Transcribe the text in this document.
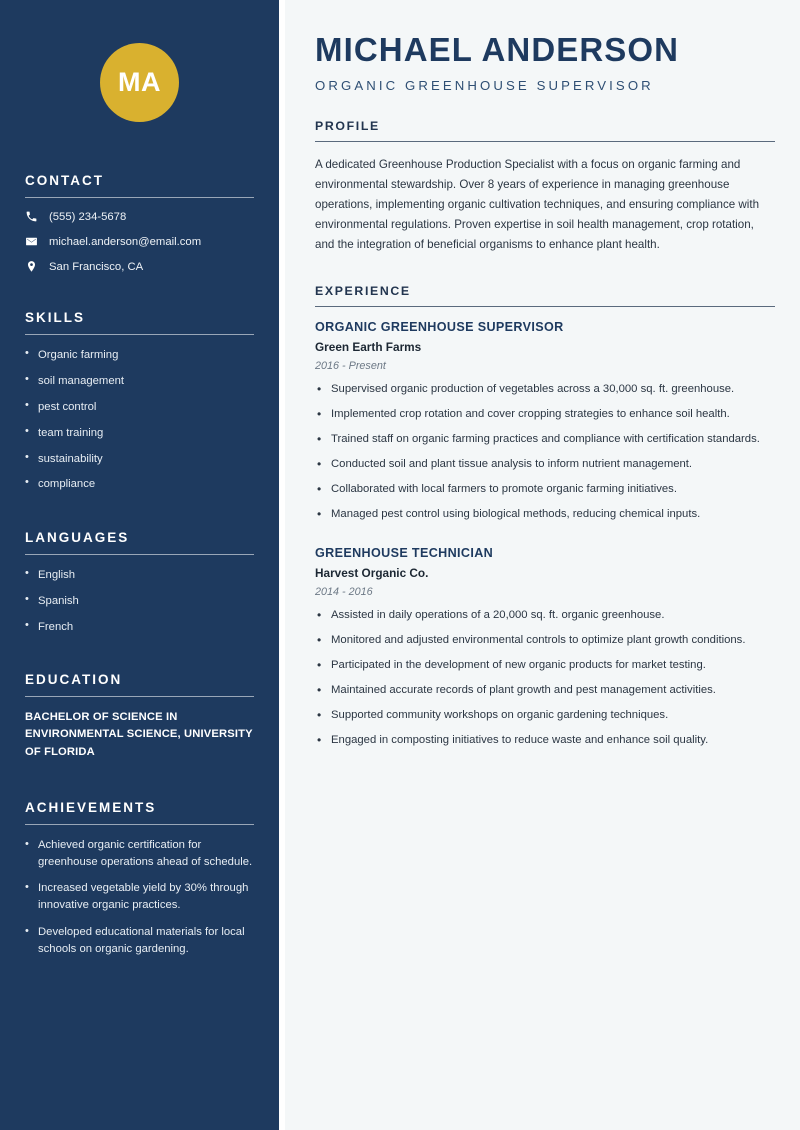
MA
CONTACT
(555) 234-5678
michael.anderson@email.com
San Francisco, CA
SKILLS
• Organic farming
• soil management
• pest control
• team training
• sustainability
• compliance
LANGUAGES
• English
• Spanish
• French
EDUCATION
BACHELOR OF SCIENCE IN ENVIRONMENTAL SCIENCE, UNIVERSITY OF FLORIDA
ACHIEVEMENTS
• Achieved organic certification for greenhouse operations ahead of schedule.
• Increased vegetable yield by 30% through innovative organic practices.
• Developed educational materials for local schools on organic gardening.
MICHAEL ANDERSON
ORGANIC GREENHOUSE SUPERVISOR
PROFILE

A dedicated Greenhouse Production Specialist with a focus on organic farming and environmental stewardship. Over 8 years of experience in managing greenhouse operations, implementing organic cultivation techniques, and ensuring compliance with environmental regulations. Proven expertise in soil health management, crop rotation, and the integration of beneficial organisms to enhance plant health.

EXPERIENCE
ORGANIC GREENHOUSE SUPERVISOR
Green Earth Farms
2016 - Present
• Supervised organic production of vegetables across a 30,000 sq. ft. greenhouse.
• Implemented crop rotation and cover cropping strategies to enhance soil health.
• Trained staff on organic farming practices and compliance with certification standards.
• Conducted soil and plant tissue analysis to inform nutrient management.
• Collaborated with local farmers to promote organic farming initiatives.
• Managed pest control using biological methods, reducing chemical inputs.
GREENHOUSE TECHNICIAN
Harvest Organic Co.
2014 - 2016
• Assisted in daily operations of a 20,000 sq. ft. organic greenhouse.
• Monitored and adjusted environmental controls to optimize plant growth conditions.
• Participated in the development of new organic products for market testing.
• Maintained accurate records of plant growth and pest management activities.
• Supported community workshops on organic gardening techniques.
• Engaged in composting initiatives to reduce waste and enhance soil quality.
